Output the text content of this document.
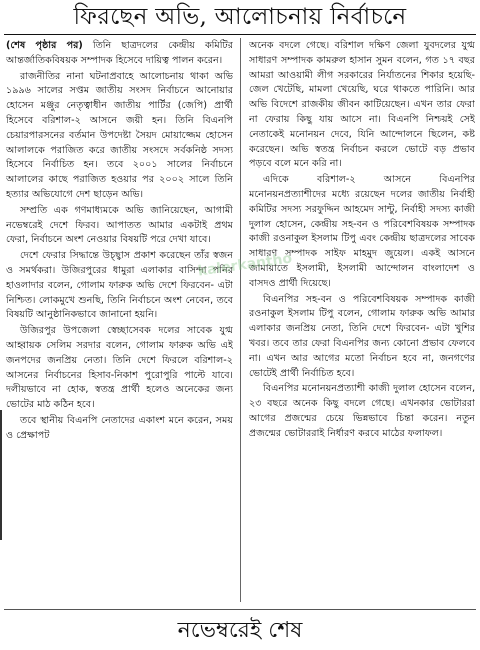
ফিরছেন অভি, আলোচনায় নির্বাচনে

(শেষ পৃষ্ঠার পর) তিনি ছাত্রদলের কেন্দ্রীয় কমিটির আন্তর্জাতিকবিষয়ক সম্পাদক হিসেবে দায়িত্ব পালন করেন।

রাজনীতির নানা ঘটনাপ্রবাহে আলোচনায় থাকা অভি ১৯৯৬ সালের সপ্তম জাতীয় সংসদ নির্বাচনে আনোয়ার হোসেন মঞ্জুর নেতৃত্বাধীন জাতীয় পার্টির (জেপি) প্রার্থী হিসেবে বরিশাল-২ আসনে জয়ী হন। তিনি বিএনপি চেয়ারপারসনের বর্তমান উপদেষ্টা সৈয়দ মোয়াজ্জেম হোসেন আলালকে পরাজিত করে জাতীয় সংসদে সর্বকনিষ্ঠ সদস্য হিসেবে নির্বাচিত হন। তবে ২০০১ সালের নির্বাচনে আলালের কাছে পরাজিত হওয়ার পর ২০০২ সালে তিনি হত্যার অভিযোগে দেশ ছাড়েন অভি।

সম্প্রতি এক গণমাধ্যমকে অভি জানিয়েছেন, আগামী নভেম্বরেই দেশে ফিরব। আপাতত আমার একটাই প্রথম ফেরা, নির্বাচনে অংশ নেওয়ার বিষয়টি পরে দেখা যাবে।

দেশে ফেরার সিদ্ধান্তে উচ্ছ্বাস প্রকাশ করেছেন তাঁর স্বজন ও সমর্থকরা। উজিরপুরের ধামুরা এলাকার বাসিন্দা পনির হাওলাদার বলেন, গোলাম ফারুক অভি দেশে ফিরবেন- এটা নিশ্চিত। লোকমুখে শুনছি, তিনি নির্বাচনে অংশ নেবেন, তবে বিষয়টি আনুষ্ঠানিকভাবে জানানো হয়নি।

উজিরপুর উপজেলা স্বেচ্ছাসেবক দলের সাবেক যুগ্ম আহ্বায়ক সেলিম সরদার বলেন, গোলাম ফারুক অভি এই জনপদের জনপ্রিয় নেতা। তিনি দেশে ফিরলে বরিশাল-২ আসনের নির্বাচনের হিসাব-নিকাশ পুরোপুরি পাল্টে যাবে। দলীয়ভাবে না হোক, স্বতন্ত্র প্রার্থী হলেও অনেকের জন্য ভোটের মাঠ কঠিন হবে।

তবে স্থানীয় বিএনপি নেতাদের একাংশ মনে করেন, সময় ও প্রেক্ষাপট

অনেক বদলে গেছে। বরিশাল দক্ষিণ জেলা যুবদলের যুগ্ম সাধারণ সম্পাদক কামরুল হাসান সুমন বলেন, গত ১৭ বছর আমরা আওয়ামী লীগ সরকারের নির্যাতনের শিকার হয়েছি- জেল খেটেছি, মামলা খেয়েছি, ঘরে থাকতে পারিনি। আর অভি বিদেশে রাজকীয় জীবন কাটিয়েছেন। এখন তার ফেরা না ফেরায় কিছু যায় আসে না। বিএনপি নিশ্চয়ই সেই নেতাকেই মনোনয়ন দেবে, যিনি আন্দোলনে ছিলেন, কষ্ট করেছেন। অভি স্বতন্ত্র নির্বাচন করলে ভোটে বড় প্রভাব পড়বে বলে মনে করি না।

এদিকে বরিশাল-২ আসনে বিএনপির মনোনয়নপ্রত্যাশীদের মধ্যে রয়েছেন দলের জাতীয় নির্বাহী কমিটির সদস্য সরফুদ্দিন আহমেদ সান্টু, নির্বাহী সদস্য কাজী দুলাল হোসেন, কেন্দ্রীয় সহ-বন ও পরিবেশবিষয়ক সম্পাদক কাজী রওনাকুল ইসলাম টিপু এবং কেন্দ্রীয় ছাত্রদলের সাবেক সাধারণ সম্পাদক সাইফ মাহমুদ জুয়েল। একই আসনে জামায়াতে ইসলামী, ইসলামী আন্দোলন বাংলাদেশ ও বাসদও প্রার্থী দিয়েছে।

বিএনপির সহ-বন ও পরিবেশবিষয়ক সম্পাদক কাজী রওনাকুল ইসলাম টিপু বলেন, গোলাম ফারুক অভি আমার এলাকার জনপ্রিয় নেতা, তিনি দেশে ফিরবেন- এটা খুশির খবর। তবে তার ফেরা বিএনপির জন্য কোনো প্রভাব ফেলবে না। এখন আর আগের মতো নির্বাচন হবে না, জনগণের ভোটেই প্রার্থী নির্বাচিত হবে।

বিএনপির মনোনয়নপ্রত্যাশী কাজী দুলাল হোসেন বলেন, ২৩ বছরে অনেক কিছু বদলে গেছে। এখনকার ভোটাররা আগের প্রজন্মের চেয়ে ভিন্নভাবে চিন্তা করেন। নতুন প্রজন্মের ভোটাররাই নির্ধারণ করবে মাঠের ফলাফল।

kalerkantho
নভেম্বরেই শেষ
